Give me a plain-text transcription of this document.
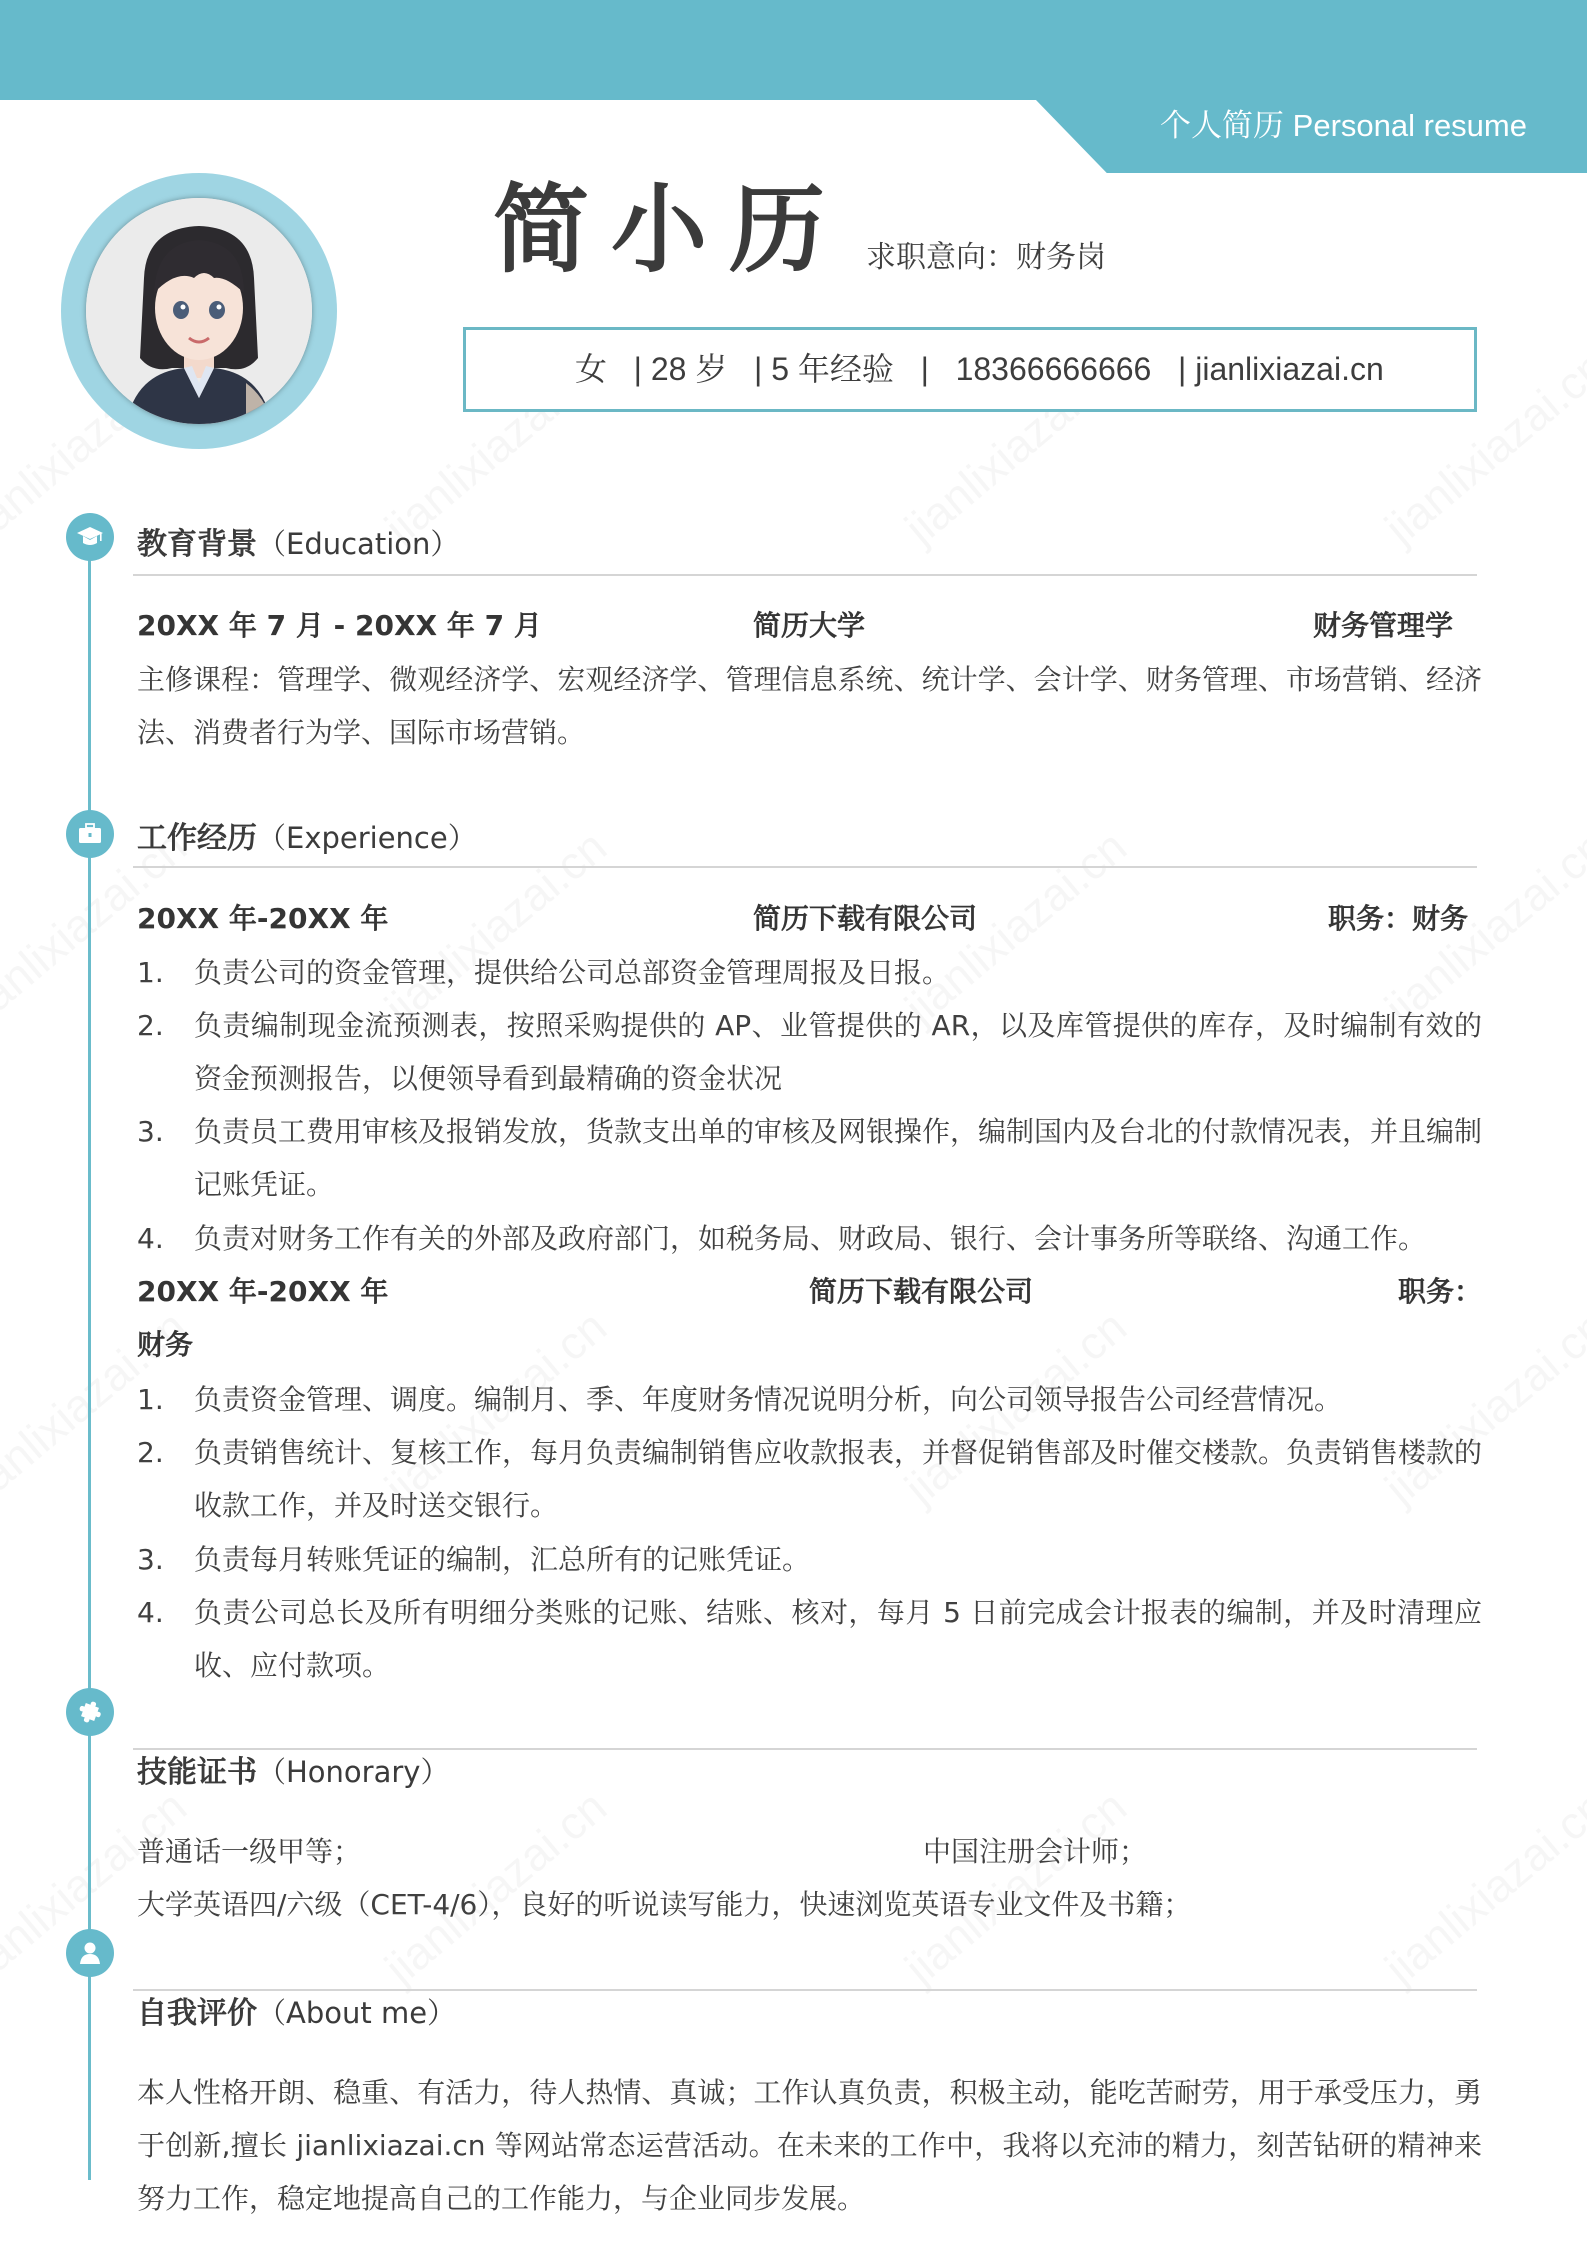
个人简历 Personal resume
简小历 求职意向：财务岗
女   | 28 岁   | 5 年经验   |   18366666666   | jianlixiazai.cn
教育背景（Education）
20XX 年 7 月 - 20XX 年 7 月	简历大学	财务管理学
主修课程：管理学、微观经济学、宏观经济学、管理信息系统、统计学、会计学、财务管理、市场营销、经济法、消费者行为学、国际市场营销。
工作经历（Experience）
20XX 年-20XX 年	简历下载有限公司	职务：财务
1.	负责公司的资金管理，提供给公司总部资金管理周报及日报。
2.	负责编制现金流预测表，按照采购提供的 AP、业管提供的 AR，以及库管提供的库存，及时编制有效的资金预测报告，以便领导看到最精确的资金状况
3.	负责员工费用审核及报销发放，货款支出单的审核及网银操作，编制国内及台北的付款情况表，并且编制记账凭证。
4.	负责对财务工作有关的外部及政府部门，如税务局、财政局、银行、会计事务所等联络、沟通工作。
20XX 年-20XX 年	简历下载有限公司	职务：
财务
1.	负责资金管理、调度。编制月、季、年度财务情况说明分析，向公司领导报告公司经营情况。
2.	负责销售统计、复核工作，每月负责编制销售应收款报表，并督促销售部及时催交楼款。负责销售楼款的收款工作，并及时送交银行。
3.	负责每月转账凭证的编制，汇总所有的记账凭证。
4.	负责公司总长及所有明细分类账的记账、结账、核对，每月 5 日前完成会计报表的编制，并及时清理应收、应付款项。
技能证书（Honorary）
普通话一级甲等；	中国注册会计师；
大学英语四/六级（CET-4/6），良好的听说读写能力，快速浏览英语专业文件及书籍；
自我评价（About me）
本人性格开朗、稳重、有活力，待人热情、真诚；工作认真负责，积极主动，能吃苦耐劳，用于承受压力，勇于创新,擅长 jianlixiazai.cn 等网站常态运营活动。在未来的工作中，我将以充沛的精力，刻苦钻研的精神来努力工作，稳定地提高自己的工作能力，与企业同步发展。
